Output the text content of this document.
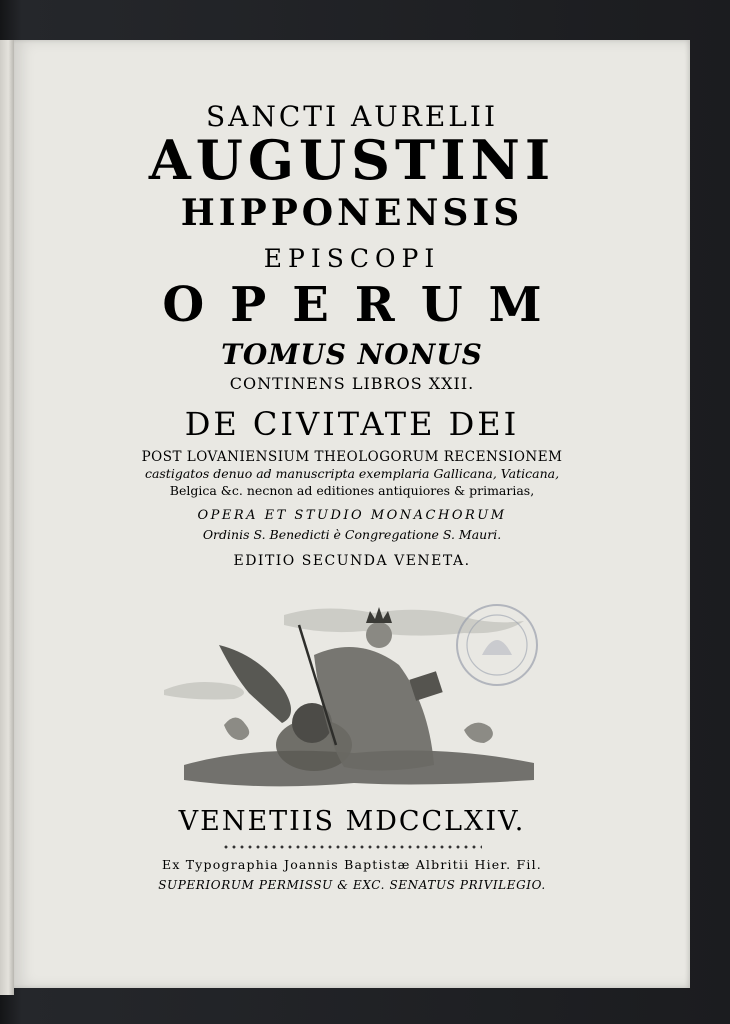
SANCTI AURELII
AUGUSTINI
HIPPONENSIS
EPISCOPI
OPERUM
TOMUS NONUS
CONTINENS LIBROS XXII.
DE CIVITATE DEI
POST LOVANIENSIUM THEOLOGORUM RECENSIONEM
castigatos denuo ad manuscripta exemplaria Gallicana, Vaticana,
Belgica &c. necnon ad editiones antiquiores & primarias,
OPERA ET STUDIO MONACHORUM
Ordinis S. Benedicti è Congregatione S. Mauri.
EDITIO SECUNDA VENETA.
VENETIIS MDCCLXIV.
Ex Typographia Joannis Baptistæ Albritii Hier. Fil.
SUPERIORUM PERMISSU & EXC. SENATUS PRIVILEGIO.
